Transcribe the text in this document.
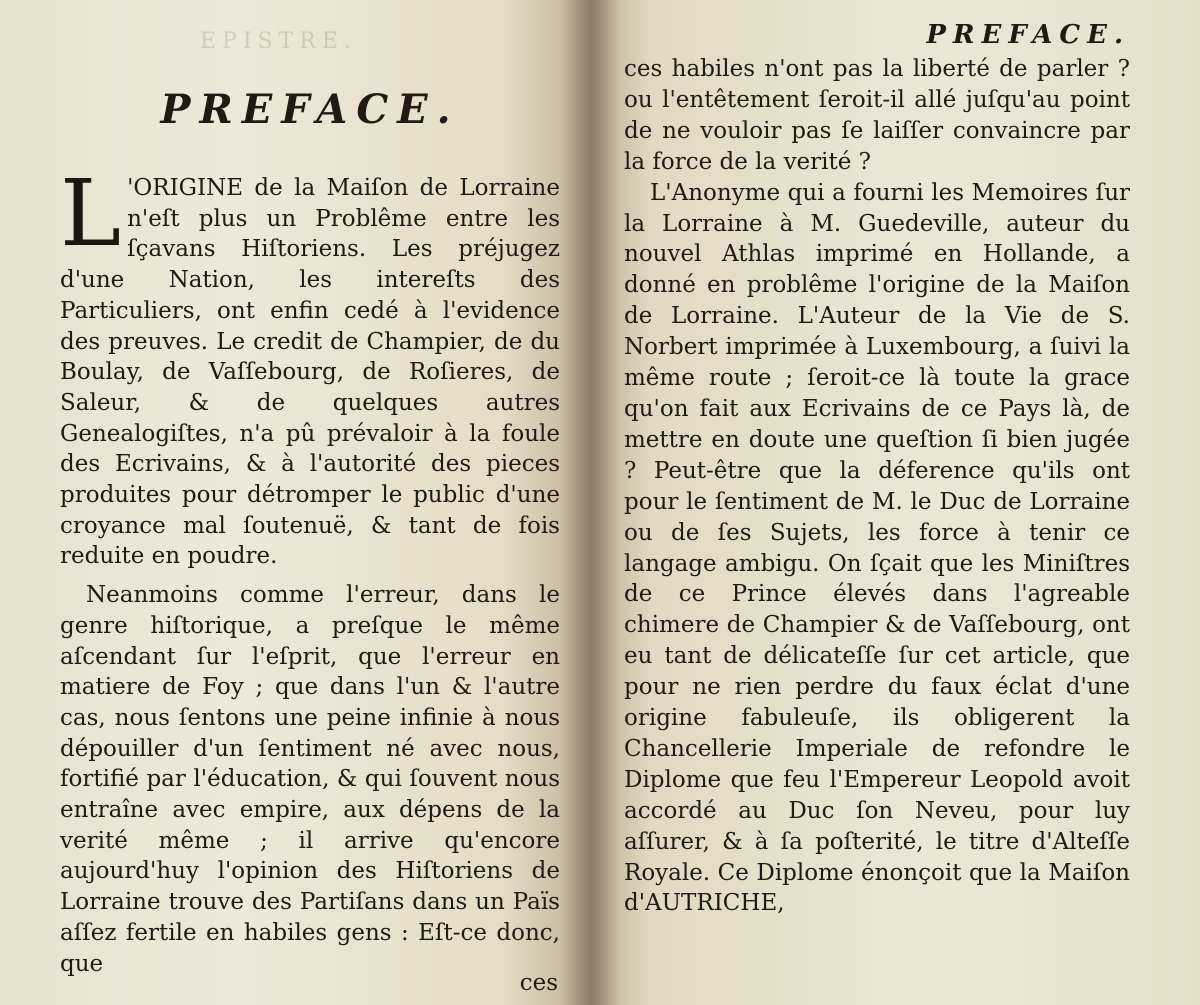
EPISTRE.
PREFACE.

L 'ORIGINE de la Maiſon de Lorraine n'eſt plus un Problême entre les ſçavans Hiſtoriens. Les préjugez d'une Nation, les intereſts des Particuliers, ont enfin cedé à l'evidence des preuves. Le credit de Champier, de du Boulay, de Vaſſebourg, de Roſieres, de Saleur, & de quelques autres Genealogiſtes, n'a pû prévaloir à la foule des Ecrivains, & à l'autorité des pieces produites pour détromper le public d'une croyance mal ſoutenuë, & tant de fois reduite en poudre.

Neanmoins comme l'erreur, dans le genre hiſtorique, a preſque le même aſcendant ſur l'eſprit, que l'erreur en matiere de Foy ; que dans l'un & l'autre cas, nous ſentons une peine infinie à nous dépouiller d'un ſentiment né avec nous, fortifié par l'éducation, & qui ſouvent nous entraîne avec empire, aux dépens de la verité même ; il arrive qu'encore aujourd'huy l'opinion des Hiſtoriens de Lorraine trouve des Partiſans dans un Païs aſſez fertile en habiles gens : Eſt-ce donc, que

ces
PREFACE.

ces habiles n'ont pas la liberté de parler ? ou l'entêtement ſeroit-il allé juſqu'au point de ne vouloir pas ſe laiſſer convaincre par la force de la verité ?

L'Anonyme qui a fourni les Memoires ſur la Lorraine à M. Guedeville, auteur du nouvel Athlas imprimé en Hollande, a donné en problême l'origine de la Maiſon de Lorraine. L'Auteur de la Vie de S. Norbert imprimée à Luxembourg, a ſuivi la même route ; ſeroit-ce là toute la grace qu'on fait aux Ecrivains de ce Pays là, de mettre en doute une queſtion ſi bien jugée ? Peut-être que la déference qu'ils ont pour le ſentiment de M. le Duc de Lorraine ou de ſes Sujets, les force à tenir ce langage ambigu. On ſçait que les Miniſtres de ce Prince élevés dans l'agreable chimere de Champier & de Vaſſebourg, ont eu tant de délicateſſe ſur cet article, que pour ne rien perdre du faux éclat d'une origine fabuleuſe, ils obligerent la Chancellerie Imperiale de refondre le Diplome que feu l'Empereur Leopold avoit accordé au Duc ſon Neveu, pour luy aſſurer, & à ſa poſterité, le titre d'Alteſſe Royale. Ce Diplome énonçoit que la Maiſon d'AUTRICHE,
